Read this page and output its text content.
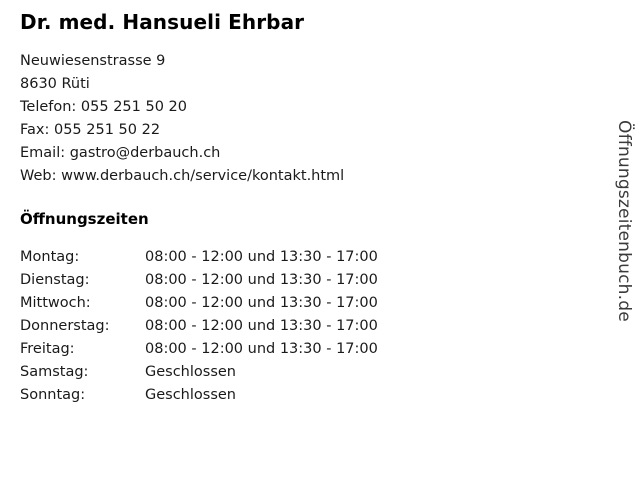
Dr. med. Hansueli Ehrbar
Neuwiesenstrasse 9
8630 Rüti
Telefon: 055 251 50 20
Fax: 055 251 50 22
Email: gastro@derbauch.ch
Web: www.derbauch.ch/service/kontakt.html
Öffnungszeiten
Montag:	08:00 - 12:00 und 13:30 - 17:00
Dienstag:	08:00 - 12:00 und 13:30 - 17:00
Mittwoch:	08:00 - 12:00 und 13:30 - 17:00
Donnerstag:	08:00 - 12:00 und 13:30 - 17:00
Freitag:	08:00 - 12:00 und 13:30 - 17:00
Samstag:	Geschlossen
Sonntag:	Geschlossen
Öffnungszeitenbuch.de
